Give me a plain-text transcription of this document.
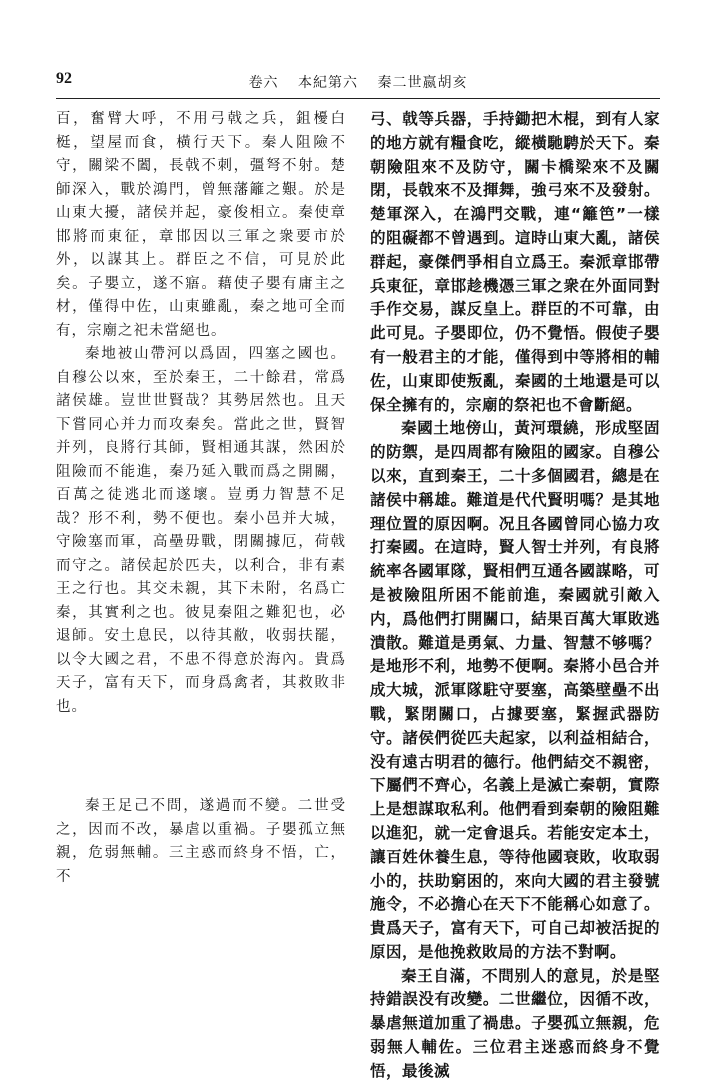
92	卷六 本紀第六 秦二世嬴胡亥

百，奮臂大呼，不用弓戟之兵，鉏櫌白梃，望屋而食，橫行天下。秦人阻險不守，關梁不闔，長戟不刺，彊弩不射。楚師深入，戰於鴻門，曾無藩籬之艱。於是山東大擾，諸侯并起，豪俊相立。秦使章邯將而東征，章邯因以三軍之衆要市於外，以謀其上。群臣之不信，可見於此矣。子嬰立，遂不寤。藉使子嬰有庸主之材，僅得中佐，山東雖亂，秦之地可全而有，宗廟之祀未當絕也。

秦地被山帶河以爲固，四塞之國也。自穆公以來，至於秦王，二十餘君，常爲諸侯雄。豈世世賢哉？其勢居然也。且天下嘗同心并力而攻秦矣。當此之世，賢智并列，良將行其師，賢相通其謀，然困於阻險而不能進，秦乃延入戰而爲之開關，百萬之徒逃北而遂壞。豈勇力智慧不足哉？形不利，勢不便也。秦小邑并大城，守險塞而軍，高壘毋戰，閉關據厄，荷戟而守之。諸侯起於匹夫，以利合，非有素王之行也。其交未親，其下未附，名爲亡秦，其實利之也。彼見秦阻之難犯也，必退師。安土息民，以待其敝，收弱扶罷，以令大國之君，不患不得意於海內。貴爲天子，富有天下，而身爲禽者，其救敗非也。

秦王足己不問，遂過而不變。二世受之，因而不改，暴虐以重禍。子嬰孤立無親，危弱無輔。三主惑而終身不悟，亡，不

弓、戟等兵器，手持鋤把木棍，到有人家的地方就有糧食吃，縱橫馳騁於天下。秦朝險阻來不及防守，關卡橋梁來不及關閉，長戟來不及揮舞，強弓來不及發射。楚軍深入，在鴻門交戰，連“籬笆”一樣的阻礙都不曾遇到。這時山東大亂，諸侯群起，豪傑們爭相自立爲王。秦派章邯帶兵東征，章邯趁機憑三軍之衆在外面同對手作交易，謀反皇上。群臣的不可靠，由此可見。子嬰即位，仍不覺悟。假使子嬰有一般君主的才能，僅得到中等將相的輔佐，山東即使叛亂，秦國的土地還是可以保全擁有的，宗廟的祭祀也不會斷絕。

秦國土地傍山，黃河環繞，形成堅固的防禦，是四周都有險阻的國家。自穆公以來，直到秦王，二十多個國君，總是在諸侯中稱雄。難道是代代賢明嗎？是其地理位置的原因啊。况且各國曾同心協力攻打秦國。在這時，賢人智士并列，有良將統率各國軍隊，賢相們互通各國謀略，可是被險阻所困不能前進，秦國就引敵入内，爲他們打開關口，結果百萬大軍敗逃潰散。難道是勇氣、力量、智慧不够嗎？是地形不利，地勢不便啊。秦將小邑合并成大城，派軍隊駐守要塞，高築壁壘不出戰，緊閉關口，占據要塞，緊握武器防守。諸侯們從匹夫起家，以利益相結合，没有遠古明君的德行。他們結交不親密，下屬們不齊心，名義上是滅亡秦朝，實際上是想謀取私利。他們看到秦朝的險阻難以進犯，就一定會退兵。若能安定本土，讓百姓休養生息，等待他國衰敗，收取弱小的，扶助窮困的，來向大國的君主發號施令，不必擔心在天下不能稱心如意了。貴爲天子，富有天下，可自己却被活捉的原因，是他挽救敗局的方法不對啊。

秦王自滿，不問别人的意見，於是堅持錯誤没有改變。二世繼位，因循不改，暴虐無道加重了禍患。子嬰孤立無親，危弱無人輔佐。三位君主迷惑而終身不覺悟，最後滅
